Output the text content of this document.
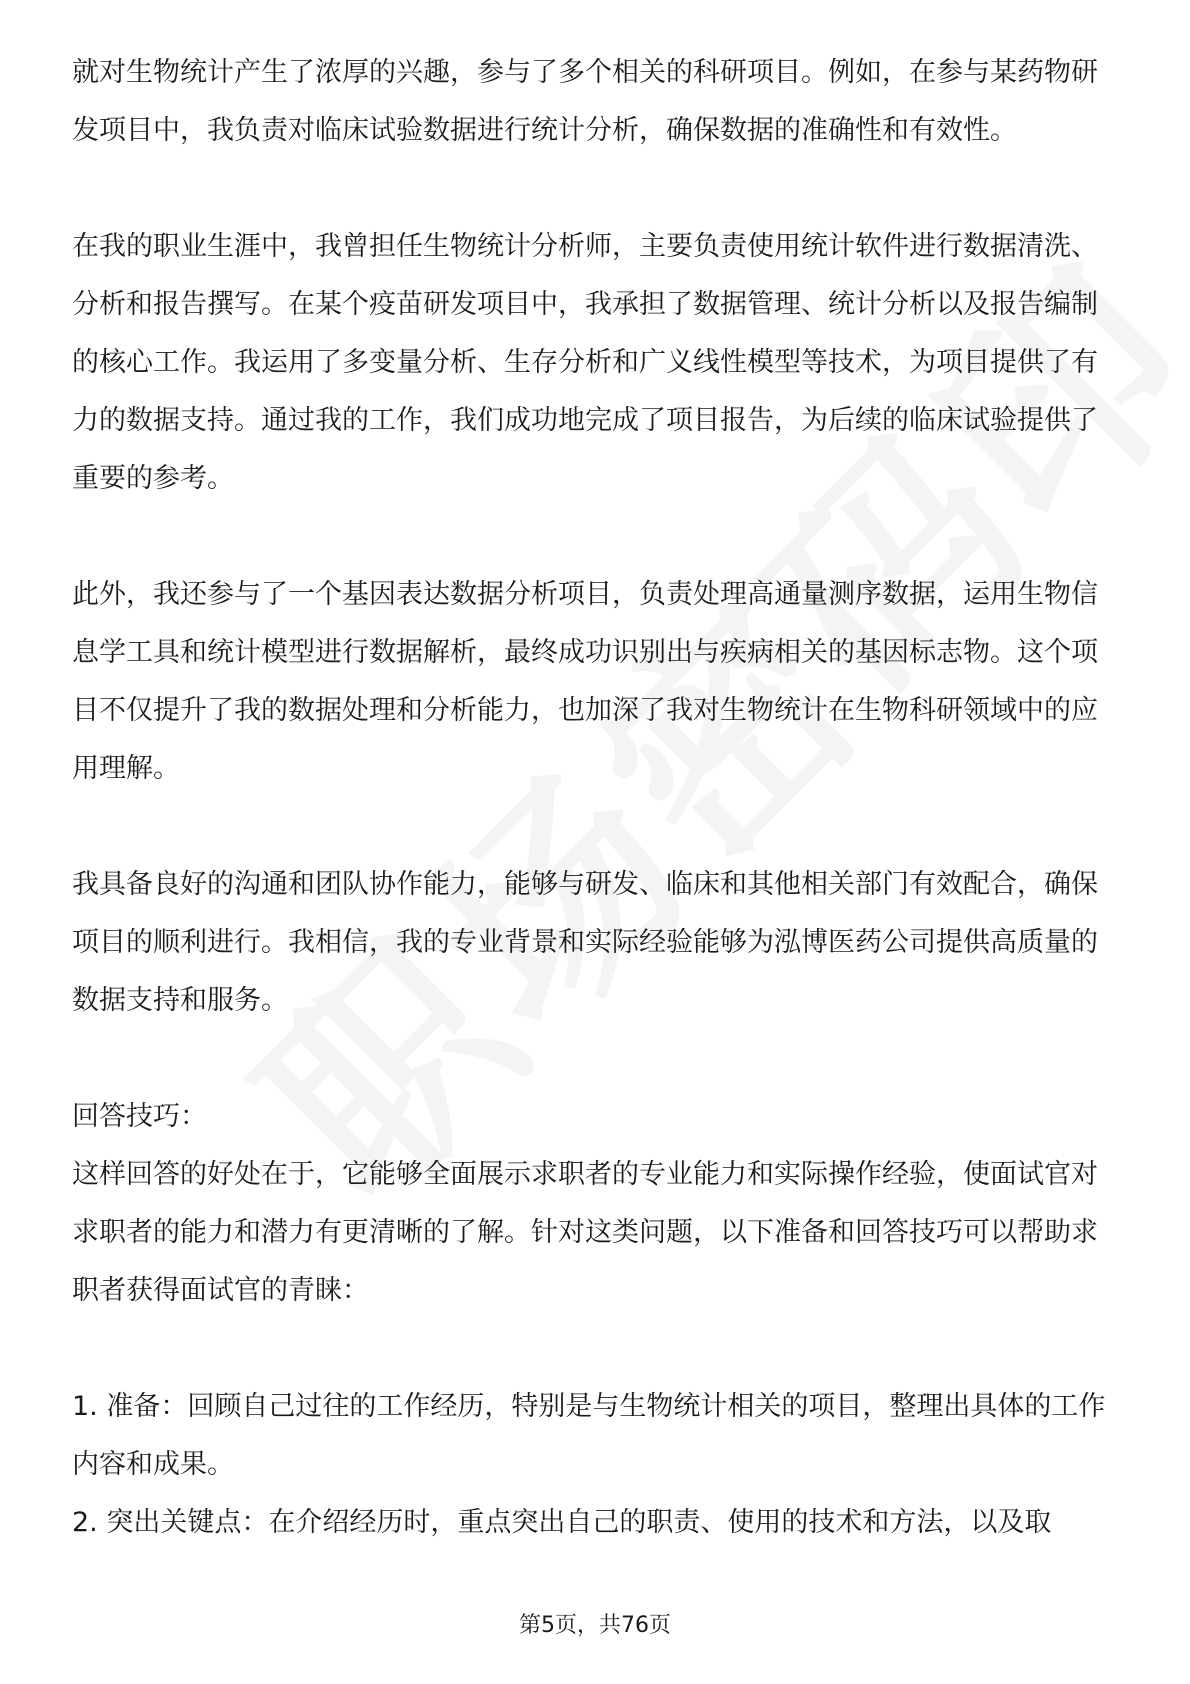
就对生物统计产生了浓厚的兴趣，参与了多个相关的科研项目。例如，在参与某药物研发项目中，我负责对临床试验数据进行统计分析，确保数据的准确性和有效性。

在我的职业生涯中，我曾担任生物统计分析师，主要负责使用统计软件进行数据清洗、分析和报告撰写。在某个疫苗研发项目中，我承担了数据管理、统计分析以及报告编制的核心工作。我运用了多变量分析、生存分析和广义线性模型等技术，为项目提供了有力的数据支持。通过我的工作，我们成功地完成了项目报告，为后续的临床试验提供了重要的参考。

此外，我还参与了一个基因表达数据分析项目，负责处理高通量测序数据，运用生物信息学工具和统计模型进行数据解析，最终成功识别出与疾病相关的基因标志物。这个项目不仅提升了我的数据处理和分析能力，也加深了我对生物统计在生物科研领域中的应用理解。

我具备良好的沟通和团队协作能力，能够与研发、临床和其他相关部门有效配合，确保项目的顺利进行。我相信，我的专业背景和实际经验能够为泓博医药公司提供高质量的数据支持和服务。

回答技巧：

这样回答的好处在于，它能够全面展示求职者的专业能力和实际操作经验，使面试官对求职者的能力和潜力有更清晰的了解。针对这类问题，以下准备和回答技巧可以帮助求职者获得面试官的青睐：

1. 准备：回顾自己过往的工作经历，特别是与生物统计相关的项目，整理出具体的工作内容和成果。

2. 突出关键点：在介绍经历时，重点突出自己的职责、使用的技术和方法，以及取

第5页，共76页
